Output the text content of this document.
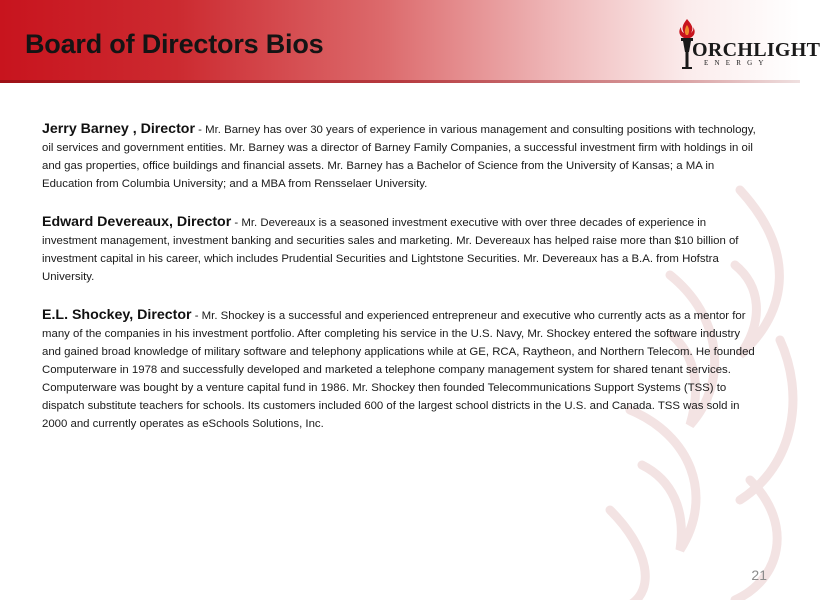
Board of Directors Bios	ORCHLIGHT
ENERGY

Jerry Barney , Director - Mr. Barney has over 30 years of experience in various management and consulting positions with technology, oil services and government entities. Mr. Barney was a director of Barney Family Companies, a successful investment firm with holdings in oil and gas properties, office buildings and financial assets. Mr. Barney has a Bachelor of Science from the University of Kansas; a MA in Education from Columbia University; and a MBA from Rensselaer University.

Edward Devereaux, Director - Mr. Devereaux is a seasoned investment executive with over three decades of experience in investment management, investment banking and securities sales and marketing. Mr. Devereaux has helped raise more than $10 billion of investment capital in his career, which includes Prudential Securities and Lightstone Securities. Mr. Devereaux has a B.A. from Hofstra University.

E.L. Shockey, Director - Mr. Shockey is a successful and experienced entrepreneur and executive who currently acts as a mentor for many of the companies in his investment portfolio. After completing his service in the U.S. Navy, Mr. Shockey entered the software industry and gained broad knowledge of military software and telephony applications while at GE, RCA, Raytheon, and Northern Telecom. He founded Computerware in 1978 and successfully developed and marketed a telephone company management system for shared tenant services. Computerware was bought by a venture capital fund in 1986. Mr. Shockey then founded Telecommunications Support Systems (TSS) to dispatch substitute teachers for schools. Its customers included 600 of the largest school districts in the U.S. and Canada. TSS was sold in 2000 and currently operates as eSchools Solutions, Inc.

21
